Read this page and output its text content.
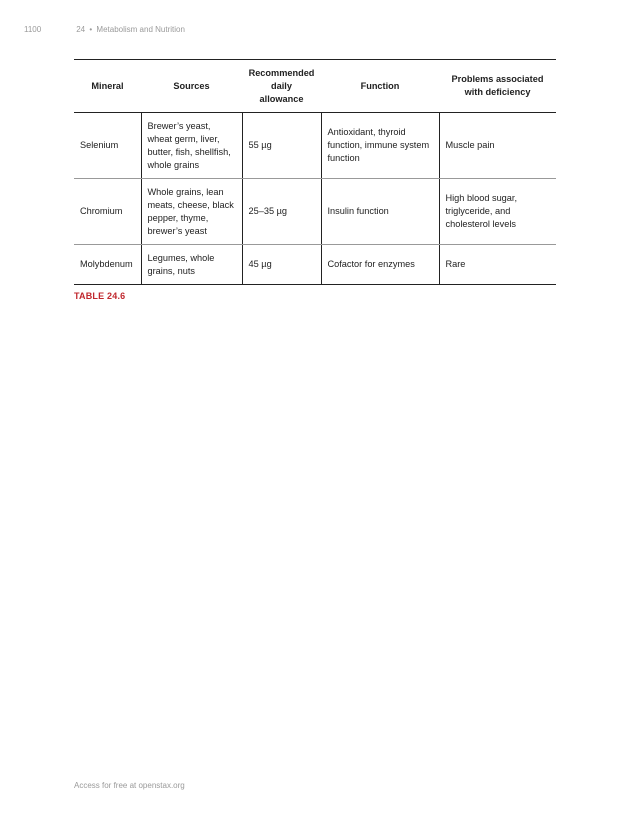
1100	24 • Metabolism and Nutrition
Mineral	Sources	Recommended daily allowance	Function	Problems associated with deficiency
Selenium	Brewer’s yeast, wheat germ, liver, butter, fish, shellfish, whole grains	55 µg	Antioxidant, thyroid function, immune system function	Muscle pain
Chromium	Whole grains, lean meats, cheese, black pepper, thyme, brewer’s yeast	25–35 µg	Insulin function	High blood sugar, triglyceride, and cholesterol levels
Molybdenum	Legumes, whole grains, nuts	45 µg	Cofactor for enzymes	Rare
TABLE 24.6
Access for free at openstax.org
